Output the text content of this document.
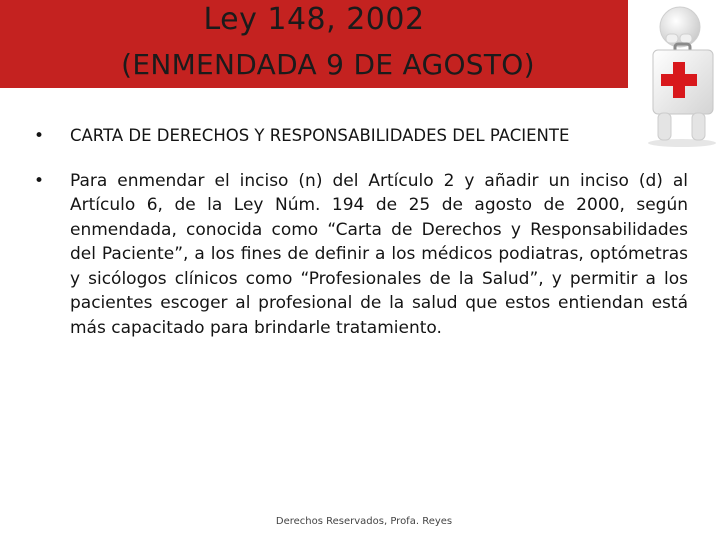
Ley 148, 2002
(ENMENDADA 9 DE AGOSTO)
• CARTA DE DERECHOS Y RESPONSABILIDADES DEL PACIENTE
• Para enmendar el inciso (n) del Artículo 2 y añadir un inciso (d) al Artículo 6, de la Ley Núm. 194 de 25 de agosto de 2000, según enmendada, conocida como “Carta de Derechos y Responsabilidades del Paciente”, a los fines de definir a los médicos podiatras, optómetras y sicólogos clínicos como “Profesionales de la Salud”, y permitir a los pacientes escoger al profesional de la salud que estos entiendan está más capacitado para brindarle tratamiento.
Derechos Reservados, Profa. Reyes
